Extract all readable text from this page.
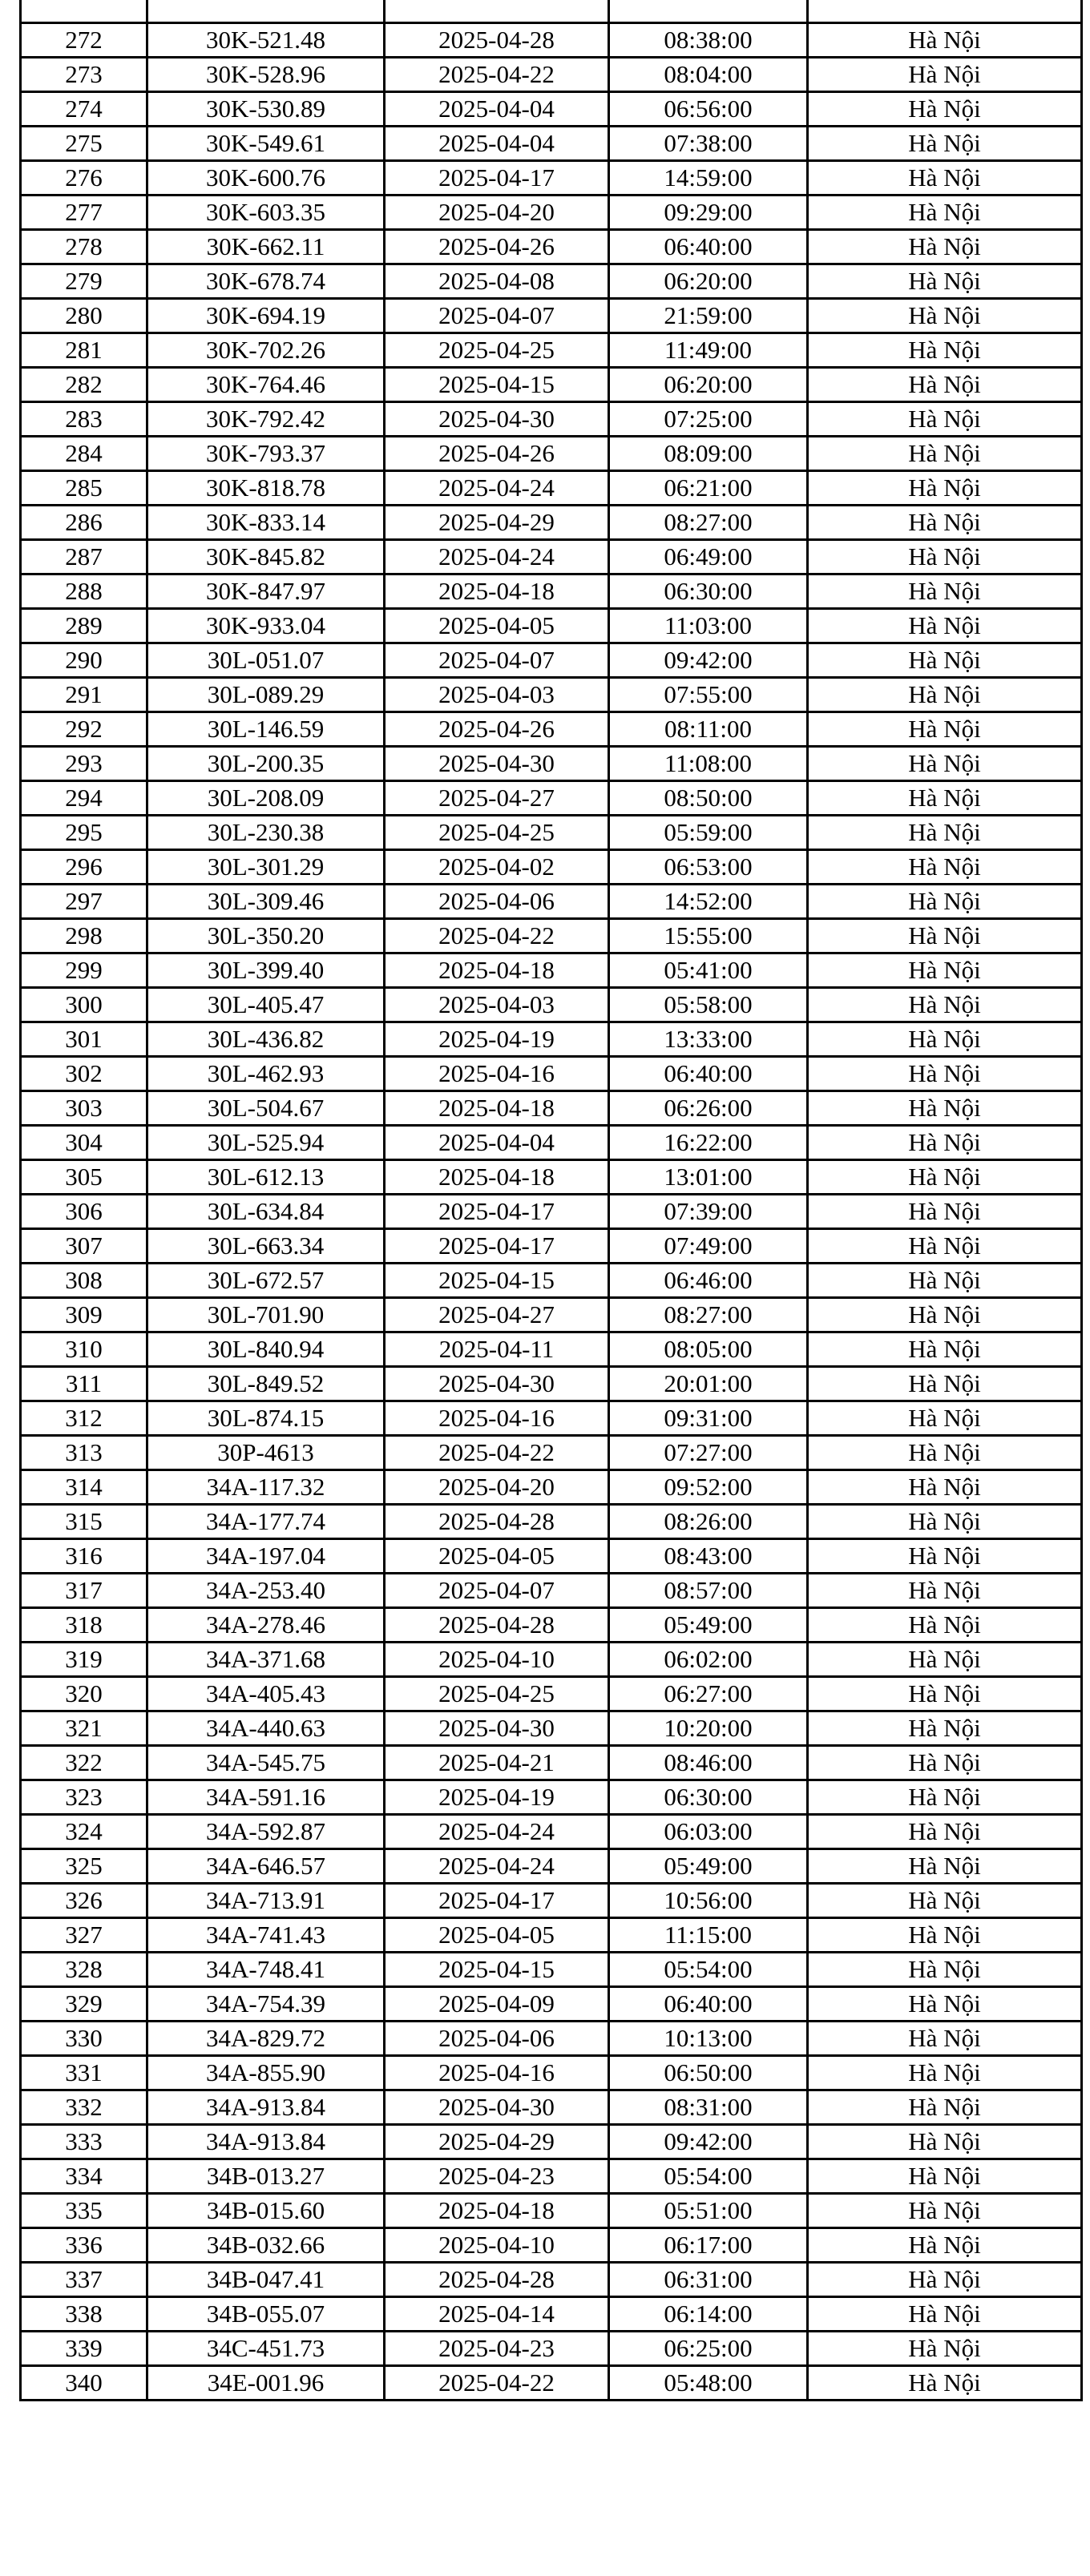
272	30K-521.48	2025-04-28	08:38:00	Hà Nội
273	30K-528.96	2025-04-22	08:04:00	Hà Nội
274	30K-530.89	2025-04-04	06:56:00	Hà Nội
275	30K-549.61	2025-04-04	07:38:00	Hà Nội
276	30K-600.76	2025-04-17	14:59:00	Hà Nội
277	30K-603.35	2025-04-20	09:29:00	Hà Nội
278	30K-662.11	2025-04-26	06:40:00	Hà Nội
279	30K-678.74	2025-04-08	06:20:00	Hà Nội
280	30K-694.19	2025-04-07	21:59:00	Hà Nội
281	30K-702.26	2025-04-25	11:49:00	Hà Nội
282	30K-764.46	2025-04-15	06:20:00	Hà Nội
283	30K-792.42	2025-04-30	07:25:00	Hà Nội
284	30K-793.37	2025-04-26	08:09:00	Hà Nội
285	30K-818.78	2025-04-24	06:21:00	Hà Nội
286	30K-833.14	2025-04-29	08:27:00	Hà Nội
287	30K-845.82	2025-04-24	06:49:00	Hà Nội
288	30K-847.97	2025-04-18	06:30:00	Hà Nội
289	30K-933.04	2025-04-05	11:03:00	Hà Nội
290	30L-051.07	2025-04-07	09:42:00	Hà Nội
291	30L-089.29	2025-04-03	07:55:00	Hà Nội
292	30L-146.59	2025-04-26	08:11:00	Hà Nội
293	30L-200.35	2025-04-30	11:08:00	Hà Nội
294	30L-208.09	2025-04-27	08:50:00	Hà Nội
295	30L-230.38	2025-04-25	05:59:00	Hà Nội
296	30L-301.29	2025-04-02	06:53:00	Hà Nội
297	30L-309.46	2025-04-06	14:52:00	Hà Nội
298	30L-350.20	2025-04-22	15:55:00	Hà Nội
299	30L-399.40	2025-04-18	05:41:00	Hà Nội
300	30L-405.47	2025-04-03	05:58:00	Hà Nội
301	30L-436.82	2025-04-19	13:33:00	Hà Nội
302	30L-462.93	2025-04-16	06:40:00	Hà Nội
303	30L-504.67	2025-04-18	06:26:00	Hà Nội
304	30L-525.94	2025-04-04	16:22:00	Hà Nội
305	30L-612.13	2025-04-18	13:01:00	Hà Nội
306	30L-634.84	2025-04-17	07:39:00	Hà Nội
307	30L-663.34	2025-04-17	07:49:00	Hà Nội
308	30L-672.57	2025-04-15	06:46:00	Hà Nội
309	30L-701.90	2025-04-27	08:27:00	Hà Nội
310	30L-840.94	2025-04-11	08:05:00	Hà Nội
311	30L-849.52	2025-04-30	20:01:00	Hà Nội
312	30L-874.15	2025-04-16	09:31:00	Hà Nội
313	30P-4613	2025-04-22	07:27:00	Hà Nội
314	34A-117.32	2025-04-20	09:52:00	Hà Nội
315	34A-177.74	2025-04-28	08:26:00	Hà Nội
316	34A-197.04	2025-04-05	08:43:00	Hà Nội
317	34A-253.40	2025-04-07	08:57:00	Hà Nội
318	34A-278.46	2025-04-28	05:49:00	Hà Nội
319	34A-371.68	2025-04-10	06:02:00	Hà Nội
320	34A-405.43	2025-04-25	06:27:00	Hà Nội
321	34A-440.63	2025-04-30	10:20:00	Hà Nội
322	34A-545.75	2025-04-21	08:46:00	Hà Nội
323	34A-591.16	2025-04-19	06:30:00	Hà Nội
324	34A-592.87	2025-04-24	06:03:00	Hà Nội
325	34A-646.57	2025-04-24	05:49:00	Hà Nội
326	34A-713.91	2025-04-17	10:56:00	Hà Nội
327	34A-741.43	2025-04-05	11:15:00	Hà Nội
328	34A-748.41	2025-04-15	05:54:00	Hà Nội
329	34A-754.39	2025-04-09	06:40:00	Hà Nội
330	34A-829.72	2025-04-06	10:13:00	Hà Nội
331	34A-855.90	2025-04-16	06:50:00	Hà Nội
332	34A-913.84	2025-04-30	08:31:00	Hà Nội
333	34A-913.84	2025-04-29	09:42:00	Hà Nội
334	34B-013.27	2025-04-23	05:54:00	Hà Nội
335	34B-015.60	2025-04-18	05:51:00	Hà Nội
336	34B-032.66	2025-04-10	06:17:00	Hà Nội
337	34B-047.41	2025-04-28	06:31:00	Hà Nội
338	34B-055.07	2025-04-14	06:14:00	Hà Nội
339	34C-451.73	2025-04-23	06:25:00	Hà Nội
340	34E-001.96	2025-04-22	05:48:00	Hà Nội
